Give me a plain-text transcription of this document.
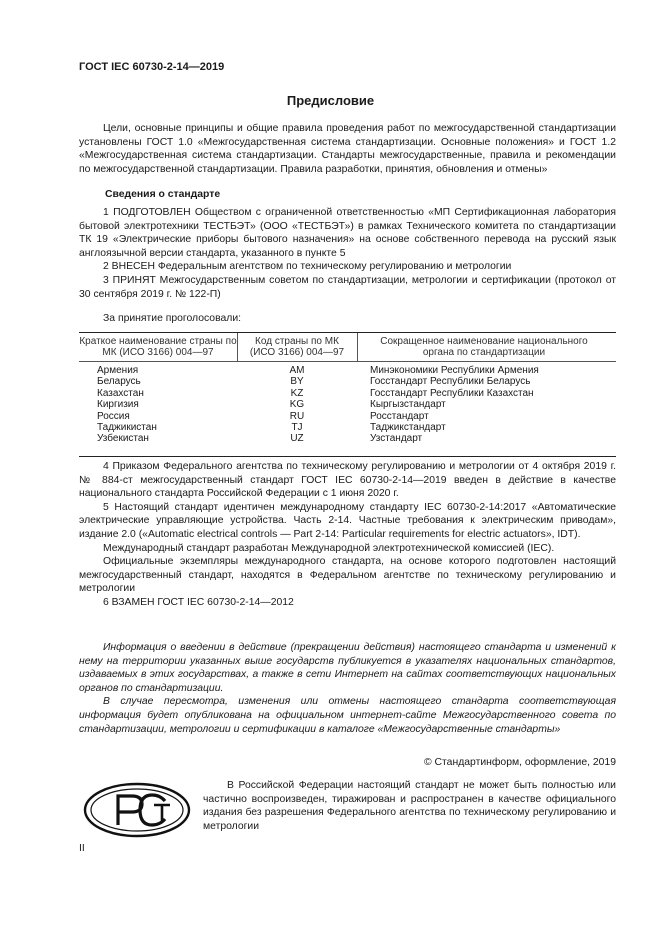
ГОСТ IEC 60730-2-14—2019
Предисловие
Цели, основные принципы и общие правила проведения работ по межгосударственной стандартизации установлены ГОСТ 1.0 «Межгосударственная система стандартизации. Основные положения» и ГОСТ 1.2 «Межгосударственная система стандартизации. Стандарты межгосударственные, правила и рекомендации по межгосударственной стандартизации. Правила разработки, принятия, обновления и отмены»
Сведения о стандарте

1 ПОДГОТОВЛЕН Обществом с ограниченной ответственностью «МП Сертификационная лаборатория бытовой электротехники ТЕСТБЭТ» (ООО «ТЕСТБЭТ») в рамках Технического комитета по стандартизации ТК 19 «Электрические приборы бытового назначения» на основе собственного перевода на русский язык англоязычной версии стандарта, указанного в пункте 5

2 ВНЕСЕН Федеральным агентством по техническому регулированию и метрологии

3 ПРИНЯТ Межгосударственным советом по стандартизации, метрологии и сертификации (протокол от 30 сентября 2019 г. № 122-П)

За принятие проголосовали:
Краткое наименование страны по МК (ИСО 3166) 004—97
Код страны по МК (ИСО 3166) 004—97
Сокращенное наименование национального органа по стандартизации
Армения
Беларусь
Казахстан
Киргизия
Россия
Таджикистан
Узбекистан
AM
BY
KZ
KG
RU
TJ
UZ
Минэкономики Республики Армения
Госстандарт Республики Беларусь
Госстандарт Республики Казахстан
Кыргызстандарт
Росстандарт
Таджикстандарт
Узстандарт

4 Приказом Федерального агентства по техническому регулированию и метрологии от 4 октября 2019 г. № 884-ст межгосударственный стандарт ГОСТ IEC 60730-2-14—2019 введен в действие в качестве национального стандарта Российской Федерации с 1 июня 2020 г.

5 Настоящий стандарт идентичен международному стандарту IEC 60730-2-14:2017 «Автоматические электрические управляющие устройства. Часть 2-14. Частные требования к электрическим приводам», издание 2.0 («Automatic electrical controls — Part 2-14: Particular requirements for electric actuators», IDT).

Международный стандарт разработан Международной электротехнической комиссией (IEC).

Официальные экземпляры международного стандарта, на основе которого подготовлен настоящий межгосударственный стандарт, находятся в Федеральном агентстве по техническому регулированию и метрологии

6 ВЗАМЕН ГОСТ IEC 60730-2-14—2012

Информация о введении в действие (прекращении действия) настоящего стандарта и изменений к нему на территории указанных выше государств публикуется в указателях национальных стандартов, издаваемых в этих государствах, а также в сети Интернет на сайтах соответствующих национальных органов по стандартизации.

В случае пересмотра, изменения или отмены настоящего стандарта соответствующая информация будет опубликована на официальном интернет-сайте Межгосударственного совета по стандартизации, метрологии и сертификации в каталоге «Межгосударственные стандарты»

© Стандартинформ, оформление, 2019
В Российской Федерации настоящий стандарт не может быть полностью или частично воспроизведен, тиражирован и распространен в качестве официального издания без разрешения Федерального агентства по техническому регулированию и метрологии
II
